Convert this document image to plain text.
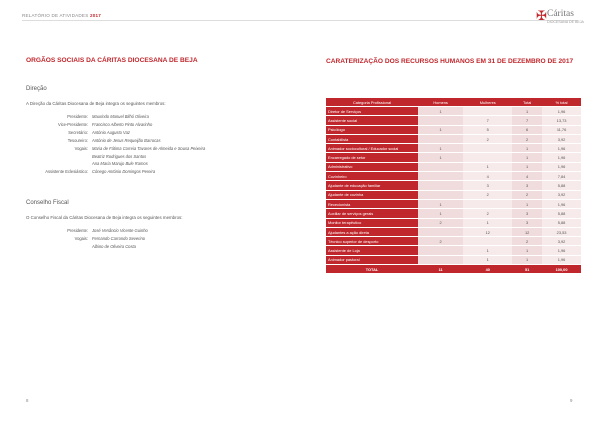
RELATÓRIO DE ATIVIDADES 2017	✠ Cáritas
DIOCESANA DE BEJA
ORGÃOS SOCIAIS DA CÁRITAS DIOCESANA DE BEJA
Direção
A Direção da Cáritas Diocesana de Beja integra os seguintes membros:
Presidente: Maurindo Manuel Bilhó Oliveira
Vice-Presidente: Francisco Alberto Pinto Alvarinho
Secretário: António Augusto Vaz
Tesoureiro: António de Jesus Requeijão Barrocas
Vogais: Maria de Fátima Correia Tavares de Almeida e Sousa Peixeira
Beatriz Rodrigues dos Santos
Ana Maria Marujo Bule Ramos
Assistente Eclesiástico: Cónego António Domingos Pereira
Conselho Fiscal
O Conselho Fiscal da Cáritas Diocesana de Beja integra os seguintes membros:
Presidente: José Venâncio Vicente Guinho
Vogais: Fernando Carrondo Severino
Albino de Oliveira Costa
CARATERIZAÇÃO DOS RECURSOS HUMANOS EM 31 DE DEZEMBRO DE 2017
Categoria Profissional	Homens	Mulheres	Total	% total
Diretor de Serviços	1		1	1,96
Assistente social		7	7	13,73
Psicólogo	1	5	6	11,76
Contabilista		2	2	3,92
Animador sociocultural / Educador social	1		1	1,96
Encarregado de setor	1		1	1,96
Administrativo		1	1	1,96
Cozinheiro		4	4	7,84
Ajudante de educação familiar		3	3	5,88
Ajudante de cozinha		2	2	3,92
Rececionista	1		1	1,96
Auxiliar de serviços gerais	1	2	3	5,88
Monitor terapêutico	2	1	3	5,88
Ajudantes a ação direta		12	12	23,53
Técnico superior de desporto	2		2	3,92
Assistente de Loja		1	1	1,96
Animador pastoral		1	1	1,96
TOTAL	11	40	51	100,00
8	9
